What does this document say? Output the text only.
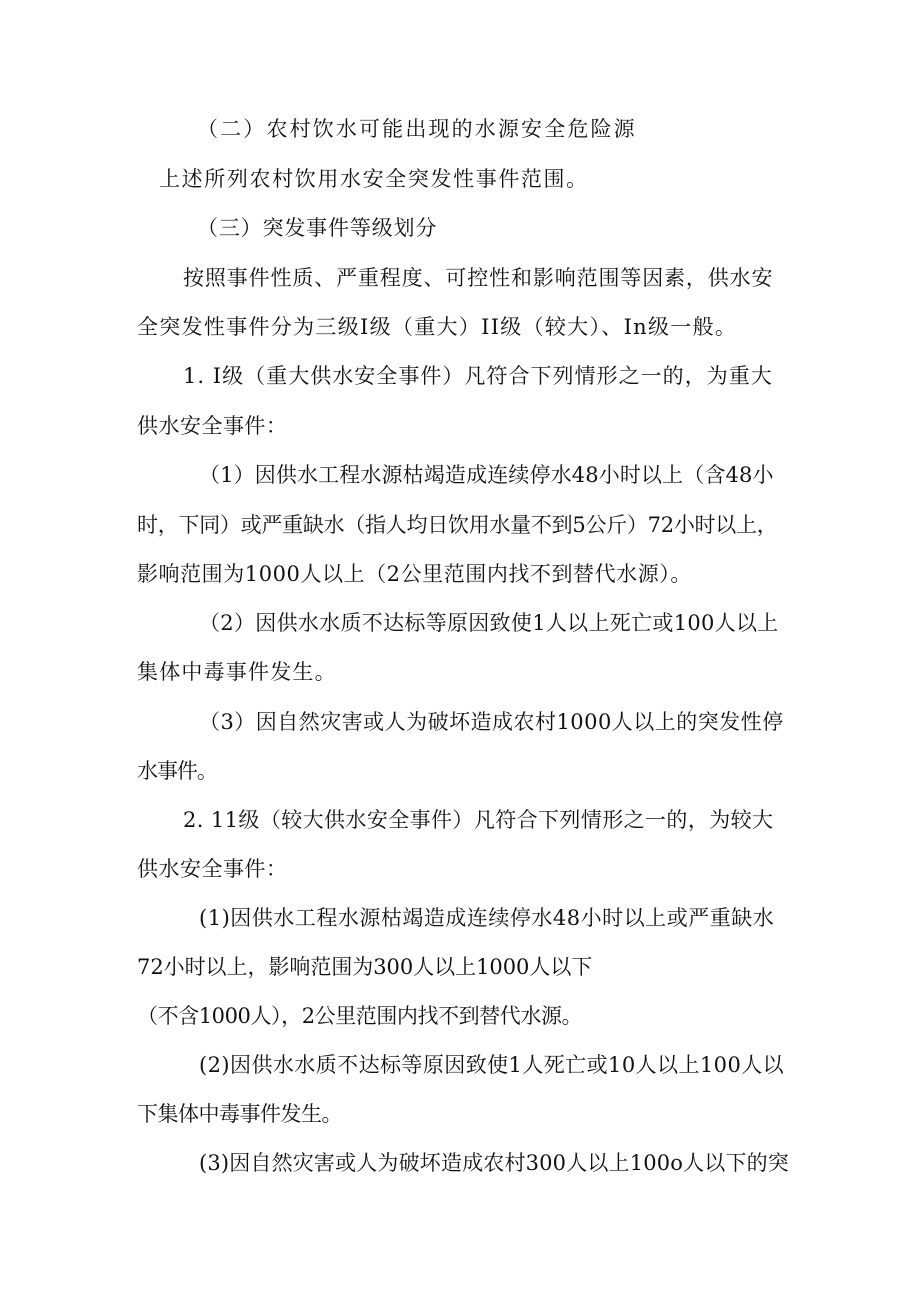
（二）农村饮水可能出现的水源安全危险源
上述所列农村饮用水安全突发性事件范围。
（三）突发事件等级划分
按照事件性质、严重程度、可控性和影响范围等因素，供水安
全突发性事件分为三级I级（重大）II级（较大）、In级一般。
1. I级（重大供水安全事件）凡符合下列情形之一的，为重大
供水安全事件：
（1）因供水工程水源枯竭造成连续停水48小时以上（含48小
时，下同）或严重缺水（指人均日饮用水量不到5公斤）72小时以上，
影响范围为1000人以上（2公里范围内找不到替代水源）。
（2）因供水水质不达标等原因致使1人以上死亡或100人以上
集体中毒事件发生。
（3）因自然灾害或人为破坏造成农村1000人以上的突发性停
水事件。
2. 11级（较大供水安全事件）凡符合下列情形之一的，为较大
供水安全事件：
(1)因供水工程水源枯竭造成连续停水48小时以上或严重缺水
72小时以上，影响范围为300人以上1000人以下
（不含1000人），2公里范围内找不到替代水源。
(2)因供水水质不达标等原因致使1人死亡或10人以上100人以
下集体中毒事件发生。
(3)因自然灾害或人为破坏造成农村300人以上100o人以下的突
